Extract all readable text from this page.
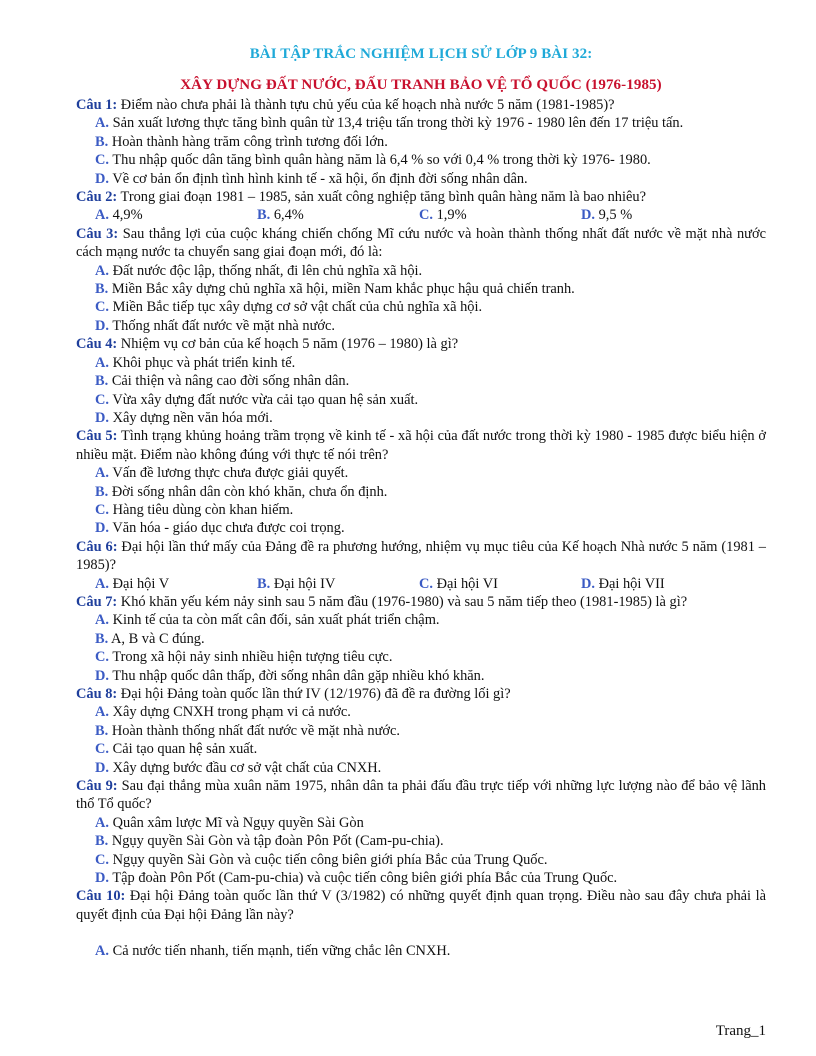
BÀI TẬP TRẮC NGHIỆM LỊCH SỬ LỚP 9 BÀI 32:
XÂY DỰNG ĐẤT NƯỚC, ĐẤU TRANH BẢO VỆ TỔ QUỐC (1976-1985)
Câu 1: Điểm nào chưa phải là thành tựu chủ yếu của kế hoạch nhà nước 5 năm (1981-1985)?
A. Sản xuất lương thực tăng bình quân từ 13,4 triệu tấn trong thời kỳ 1976 - 1980 lên đến 17 triệu tấn.
B. Hoàn thành hàng trăm công trình tương đối lớn.
C. Thu nhập quốc dân tăng bình quân hàng năm là 6,4 % so với 0,4 % trong thời kỳ 1976- 1980.
D. Về cơ bản ổn định tình hình kinh tế - xã hội, ổn định đời sống nhân dân.
Câu 2: Trong giai đoạn 1981 – 1985, sản xuất công nghiệp tăng bình quân hàng năm là bao nhiêu?
A. 4,9%	B. 6,4%	C. 1,9%	D. 9,5 %
Câu 3: Sau thắng lợi của cuộc kháng chiến chống Mĩ cứu nước và hoàn thành thống nhất đất nước về mặt nhà nước cách mạng nước ta chuyển sang giai đoạn mới, đó là:
A. Đất nước độc lập, thống nhất, đi lên chủ nghĩa xã hội.
B. Miền Bắc xây dựng chủ nghĩa xã hội, miền Nam khắc phục hậu quả chiến tranh.
C. Miền Bắc tiếp tục xây dựng cơ sở vật chất của chủ nghĩa xã hội.
D. Thống nhất đất nước về mặt nhà nước.
Câu 4: Nhiệm vụ cơ bản của kế hoạch 5 năm (1976 – 1980) là gì?
A. Khôi phục và phát triển kinh tế.
B. Cải thiện và nâng cao đời sống nhân dân.
C. Vừa xây dựng đất nước vừa cải tạo quan hệ sản xuất.
D. Xây dựng nền văn hóa mới.
Câu 5: Tình trạng khủng hoảng trầm trọng về kinh tế - xã hội của đất nước trong thời kỳ 1980 - 1985 được biểu hiện ở nhiều mặt. Điểm nào không đúng với thực tế nói trên?
A. Vấn đề lương thực chưa được giải quyết.
B. Đời sống nhân dân còn khó khăn, chưa ổn định.
C. Hàng tiêu dùng còn khan hiếm.
D. Văn hóa - giáo dục chưa được coi trọng.
Câu 6: Đại hội lần thứ mấy của Đảng đề ra phương hướng, nhiệm vụ mục tiêu của Kế hoạch Nhà nước 5 năm (1981 – 1985)?
A. Đại hội V	B. Đại hội IV	C. Đại hội VI	D. Đại hội VII
Câu 7: Khó khăn yếu kém nảy sinh sau 5 năm đầu (1976-1980) và sau 5 năm tiếp theo (1981-1985) là gì?
A. Kinh tế của ta còn mất cân đối, sản xuất phát triển chậm.
B. A, B và C đúng.
C. Trong xã hội nảy sinh nhiều hiện tượng tiêu cực.
D. Thu nhập quốc dân thấp, đời sống nhân dân gặp nhiều khó khăn.
Câu 8: Đại hội Đảng toàn quốc lần thứ IV (12/1976) đã đề ra đường lối gì?
A. Xây dựng CNXH trong phạm vi cả nước.
B. Hoàn thành thống nhất đất nước về mặt nhà nước.
C. Cải tạo quan hệ sản xuất.
D. Xây dựng bước đầu cơ sở vật chất của CNXH.
Câu 9: Sau đại thắng mùa xuân năm 1975, nhân dân ta phải đấu đầu trực tiếp với những lực lượng nào để bảo vệ lãnh thổ Tổ quốc?
A. Quân xâm lược Mĩ và Ngụy quyền Sài Gòn
B. Ngụy quyền Sài Gòn và tập đoàn Pôn Pốt (Cam-pu-chia).
C. Ngụy quyền Sài Gòn và cuộc tiến công biên giới phía Bắc của Trung Quốc.
D. Tập đoàn Pôn Pốt (Cam-pu-chia) và cuộc tiến công biên giới phía Bắc của Trung Quốc.
Câu 10: Đại hội Đảng toàn quốc lần thứ V (3/1982) có những quyết định quan trọng. Điều nào sau đây chưa phải là quyết định của Đại hội Đảng lần này?
A. Cả nước tiến nhanh, tiến mạnh, tiến vững chắc lên CNXH.
Trang_1
